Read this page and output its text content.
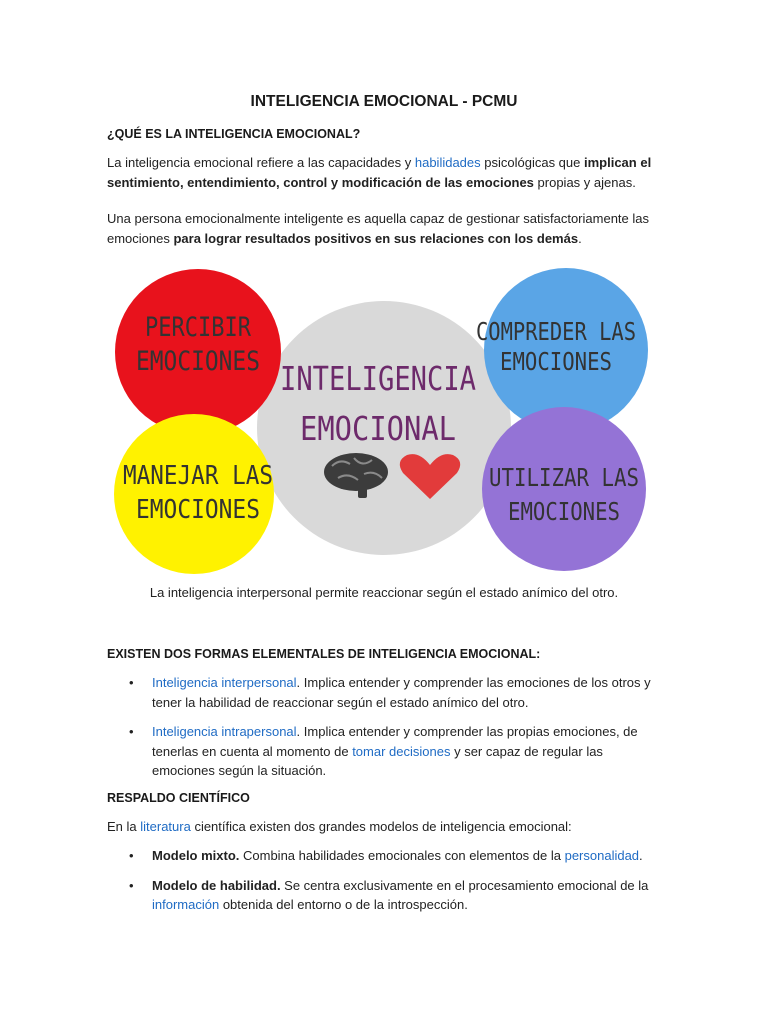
INTELIGENCIA EMOCIONAL - PCMU
¿QUÉ ES LA INTELIGENCIA EMOCIONAL?
La inteligencia emocional refiere a las capacidades y habilidades psicológicas que implican el sentimiento, entendimiento, control y modificación de las emociones propias y ajenas.
Una persona emocionalmente inteligente es aquella capaz de gestionar satisfactoriamente las emociones para lograr resultados positivos en sus relaciones con los demás.
INTELIGENCIA
EMOCIONAL
PERCIBIR
EMOCIONES
COMPREDER LAS
EMOCIONES
MANEJAR LAS
EMOCIONES
UTILIZAR LAS
EMOCIONES
La inteligencia interpersonal permite reaccionar según el estado anímico del otro.
EXISTEN DOS FORMAS ELEMENTALES DE INTELIGENCIA EMOCIONAL:
• Inteligencia interpersonal. Implica entender y comprender las emociones de los otros y tener la habilidad de reaccionar según el estado anímico del otro.
• Inteligencia intrapersonal. Implica entender y comprender las propias emociones, de tenerlas en cuenta al momento de tomar decisiones y ser capaz de regular las emociones según la situación.
RESPALDO CIENTÍFICO
En la literatura científica existen dos grandes modelos de inteligencia emocional:
• Modelo mixto. Combina habilidades emocionales con elementos de la personalidad.
• Modelo de habilidad. Se centra exclusivamente en el procesamiento emocional de la información obtenida del entorno o de la introspección.
